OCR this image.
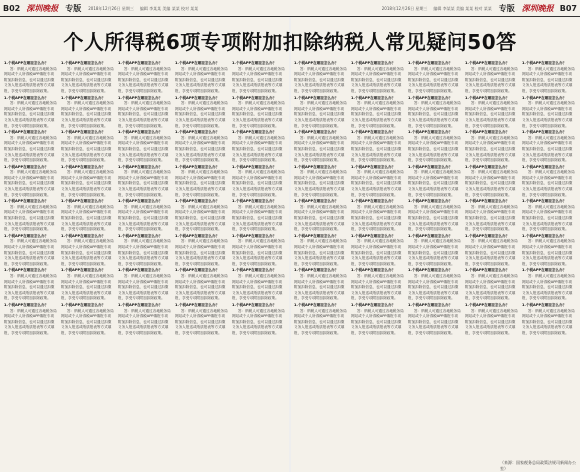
B02 深圳晚报 专版 2018年12月26日 星期三 编辑 李某某 美编 某某 校对 某某	2018年12月26日 星期三 编辑 李某某 美编 某某 校对 某某 专版 深圳晚报 B07
个人所得税6项专项附加扣除纳税人常见疑问50答
1.个税APP在哪里怎么办？

答：纳税人可通过各地税务局网站或个人所得税APP填报专项附加扣除信息，也可以通过扣缴义务人报送或纸质报表等方式填报，享受专项附加扣除政策。

1.个税APP在哪里怎么办？

答：纳税人可通过各地税务局网站或个人所得税APP填报专项附加扣除信息，也可以通过扣缴义务人报送或纸质报表等方式填报，享受专项附加扣除政策。

1.个税APP在哪里怎么办？

答：纳税人可通过各地税务局网站或个人所得税APP填报专项附加扣除信息，也可以通过扣缴义务人报送或纸质报表等方式填报，享受专项附加扣除政策。

1.个税APP在哪里怎么办？

答：纳税人可通过各地税务局网站或个人所得税APP填报专项附加扣除信息，也可以通过扣缴义务人报送或纸质报表等方式填报，享受专项附加扣除政策。

1.个税APP在哪里怎么办？

答：纳税人可通过各地税务局网站或个人所得税APP填报专项附加扣除信息，也可以通过扣缴义务人报送或纸质报表等方式填报，享受专项附加扣除政策。

1.个税APP在哪里怎么办？

答：纳税人可通过各地税务局网站或个人所得税APP填报专项附加扣除信息，也可以通过扣缴义务人报送或纸质报表等方式填报，享受专项附加扣除政策。

1.个税APP在哪里怎么办？

答：纳税人可通过各地税务局网站或个人所得税APP填报专项附加扣除信息，也可以通过扣缴义务人报送或纸质报表等方式填报，享受专项附加扣除政策。

1.个税APP在哪里怎么办？

答：纳税人可通过各地税务局网站或个人所得税APP填报专项附加扣除信息，也可以通过扣缴义务人报送或纸质报表等方式填报，享受专项附加扣除政策。

1.个税APP在哪里怎么办？

答：纳税人可通过各地税务局网站或个人所得税APP填报专项附加扣除信息，也可以通过扣缴义务人报送或纸质报表等方式填报，享受专项附加扣除政策。

1.个税APP在哪里怎么办？

答：纳税人可通过各地税务局网站或个人所得税APP填报专项附加扣除信息，也可以通过扣缴义务人报送或纸质报表等方式填报，享受专项附加扣除政策。

1.个税APP在哪里怎么办？

答：纳税人可通过各地税务局网站或个人所得税APP填报专项附加扣除信息，也可以通过扣缴义务人报送或纸质报表等方式填报，享受专项附加扣除政策。

1.个税APP在哪里怎么办？

答：纳税人可通过各地税务局网站或个人所得税APP填报专项附加扣除信息，也可以通过扣缴义务人报送或纸质报表等方式填报，享受专项附加扣除政策。

1.个税APP在哪里怎么办？

答：纳税人可通过各地税务局网站或个人所得税APP填报专项附加扣除信息，也可以通过扣缴义务人报送或纸质报表等方式填报，享受专项附加扣除政策。

1.个税APP在哪里怎么办？

答：纳税人可通过各地税务局网站或个人所得税APP填报专项附加扣除信息，也可以通过扣缴义务人报送或纸质报表等方式填报，享受专项附加扣除政策。

1.个税APP在哪里怎么办？

答：纳税人可通过各地税务局网站或个人所得税APP填报专项附加扣除信息，也可以通过扣缴义务人报送或纸质报表等方式填报，享受专项附加扣除政策。

1.个税APP在哪里怎么办？

答：纳税人可通过各地税务局网站或个人所得税APP填报专项附加扣除信息，也可以通过扣缴义务人报送或纸质报表等方式填报，享受专项附加扣除政策。

1.个税APP在哪里怎么办？

答：纳税人可通过各地税务局网站或个人所得税APP填报专项附加扣除信息，也可以通过扣缴义务人报送或纸质报表等方式填报，享受专项附加扣除政策。

1.个税APP在哪里怎么办？

答：纳税人可通过各地税务局网站或个人所得税APP填报专项附加扣除信息，也可以通过扣缴义务人报送或纸质报表等方式填报，享受专项附加扣除政策。

1.个税APP在哪里怎么办？

答：纳税人可通过各地税务局网站或个人所得税APP填报专项附加扣除信息，也可以通过扣缴义务人报送或纸质报表等方式填报，享受专项附加扣除政策。

1.个税APP在哪里怎么办？

答：纳税人可通过各地税务局网站或个人所得税APP填报专项附加扣除信息，也可以通过扣缴义务人报送或纸质报表等方式填报，享受专项附加扣除政策。

1.个税APP在哪里怎么办？

答：纳税人可通过各地税务局网站或个人所得税APP填报专项附加扣除信息，也可以通过扣缴义务人报送或纸质报表等方式填报，享受专项附加扣除政策。

1.个税APP在哪里怎么办？

答：纳税人可通过各地税务局网站或个人所得税APP填报专项附加扣除信息，也可以通过扣缴义务人报送或纸质报表等方式填报，享受专项附加扣除政策。

1.个税APP在哪里怎么办？

答：纳税人可通过各地税务局网站或个人所得税APP填报专项附加扣除信息，也可以通过扣缴义务人报送或纸质报表等方式填报，享受专项附加扣除政策。

1.个税APP在哪里怎么办？

答：纳税人可通过各地税务局网站或个人所得税APP填报专项附加扣除信息，也可以通过扣缴义务人报送或纸质报表等方式填报，享受专项附加扣除政策。

1.个税APP在哪里怎么办？

答：纳税人可通过各地税务局网站或个人所得税APP填报专项附加扣除信息，也可以通过扣缴义务人报送或纸质报表等方式填报，享受专项附加扣除政策。

1.个税APP在哪里怎么办？

答：纳税人可通过各地税务局网站或个人所得税APP填报专项附加扣除信息，也可以通过扣缴义务人报送或纸质报表等方式填报，享受专项附加扣除政策。

1.个税APP在哪里怎么办？

答：纳税人可通过各地税务局网站或个人所得税APP填报专项附加扣除信息，也可以通过扣缴义务人报送或纸质报表等方式填报，享受专项附加扣除政策。

1.个税APP在哪里怎么办？

答：纳税人可通过各地税务局网站或个人所得税APP填报专项附加扣除信息，也可以通过扣缴义务人报送或纸质报表等方式填报，享受专项附加扣除政策。

1.个税APP在哪里怎么办？

答：纳税人可通过各地税务局网站或个人所得税APP填报专项附加扣除信息，也可以通过扣缴义务人报送或纸质报表等方式填报，享受专项附加扣除政策。

1.个税APP在哪里怎么办？

答：纳税人可通过各地税务局网站或个人所得税APP填报专项附加扣除信息，也可以通过扣缴义务人报送或纸质报表等方式填报，享受专项附加扣除政策。

1.个税APP在哪里怎么办？

答：纳税人可通过各地税务局网站或个人所得税APP填报专项附加扣除信息，也可以通过扣缴义务人报送或纸质报表等方式填报，享受专项附加扣除政策。

1.个税APP在哪里怎么办？

答：纳税人可通过各地税务局网站或个人所得税APP填报专项附加扣除信息，也可以通过扣缴义务人报送或纸质报表等方式填报，享受专项附加扣除政策。

1.个税APP在哪里怎么办？

答：纳税人可通过各地税务局网站或个人所得税APP填报专项附加扣除信息，也可以通过扣缴义务人报送或纸质报表等方式填报，享受专项附加扣除政策。

1.个税APP在哪里怎么办？

答：纳税人可通过各地税务局网站或个人所得税APP填报专项附加扣除信息，也可以通过扣缴义务人报送或纸质报表等方式填报，享受专项附加扣除政策。

1.个税APP在哪里怎么办？

答：纳税人可通过各地税务局网站或个人所得税APP填报专项附加扣除信息，也可以通过扣缴义务人报送或纸质报表等方式填报，享受专项附加扣除政策。

1.个税APP在哪里怎么办？

答：纳税人可通过各地税务局网站或个人所得税APP填报专项附加扣除信息，也可以通过扣缴义务人报送或纸质报表等方式填报，享受专项附加扣除政策。

1.个税APP在哪里怎么办？

答：纳税人可通过各地税务局网站或个人所得税APP填报专项附加扣除信息，也可以通过扣缴义务人报送或纸质报表等方式填报，享受专项附加扣除政策。

1.个税APP在哪里怎么办？

答：纳税人可通过各地税务局网站或个人所得税APP填报专项附加扣除信息，也可以通过扣缴义务人报送或纸质报表等方式填报，享受专项附加扣除政策。

1.个税APP在哪里怎么办？

答：纳税人可通过各地税务局网站或个人所得税APP填报专项附加扣除信息，也可以通过扣缴义务人报送或纸质报表等方式填报，享受专项附加扣除政策。

1.个税APP在哪里怎么办？

答：纳税人可通过各地税务局网站或个人所得税APP填报专项附加扣除信息，也可以通过扣缴义务人报送或纸质报表等方式填报，享受专项附加扣除政策。

1.个税APP在哪里怎么办？

答：纳税人可通过各地税务局网站或个人所得税APP填报专项附加扣除信息，也可以通过扣缴义务人报送或纸质报表等方式填报，享受专项附加扣除政策。

1.个税APP在哪里怎么办？

答：纳税人可通过各地税务局网站或个人所得税APP填报专项附加扣除信息，也可以通过扣缴义务人报送或纸质报表等方式填报，享受专项附加扣除政策。

1.个税APP在哪里怎么办？

答：纳税人可通过各地税务局网站或个人所得税APP填报专项附加扣除信息，也可以通过扣缴义务人报送或纸质报表等方式填报，享受专项附加扣除政策。

1.个税APP在哪里怎么办？

答：纳税人可通过各地税务局网站或个人所得税APP填报专项附加扣除信息，也可以通过扣缴义务人报送或纸质报表等方式填报，享受专项附加扣除政策。

1.个税APP在哪里怎么办？

答：纳税人可通过各地税务局网站或个人所得税APP填报专项附加扣除信息，也可以通过扣缴义务人报送或纸质报表等方式填报，享受专项附加扣除政策。

1.个税APP在哪里怎么办？

答：纳税人可通过各地税务局网站或个人所得税APP填报专项附加扣除信息，也可以通过扣缴义务人报送或纸质报表等方式填报，享受专项附加扣除政策。

1.个税APP在哪里怎么办？

答：纳税人可通过各地税务局网站或个人所得税APP填报专项附加扣除信息，也可以通过扣缴义务人报送或纸质报表等方式填报，享受专项附加扣除政策。

1.个税APP在哪里怎么办？

答：纳税人可通过各地税务局网站或个人所得税APP填报专项附加扣除信息，也可以通过扣缴义务人报送或纸质报表等方式填报，享受专项附加扣除政策。

1.个税APP在哪里怎么办？

答：纳税人可通过各地税务局网站或个人所得税APP填报专项附加扣除信息，也可以通过扣缴义务人报送或纸质报表等方式填报，享受专项附加扣除政策。

1.个税APP在哪里怎么办？

答：纳税人可通过各地税务局网站或个人所得税APP填报专项附加扣除信息，也可以通过扣缴义务人报送或纸质报表等方式填报，享受专项附加扣除政策。

1.个税APP在哪里怎么办？

答：纳税人可通过各地税务局网站或个人所得税APP填报专项附加扣除信息，也可以通过扣缴义务人报送或纸质报表等方式填报，享受专项附加扣除政策。

1.个税APP在哪里怎么办？

答：纳税人可通过各地税务局网站或个人所得税APP填报专项附加扣除信息，也可以通过扣缴义务人报送或纸质报表等方式填报，享受专项附加扣除政策。

1.个税APP在哪里怎么办？

答：纳税人可通过各地税务局网站或个人所得税APP填报专项附加扣除信息，也可以通过扣缴义务人报送或纸质报表等方式填报，享受专项附加扣除政策。

1.个税APP在哪里怎么办？

答：纳税人可通过各地税务局网站或个人所得税APP填报专项附加扣除信息，也可以通过扣缴义务人报送或纸质报表等方式填报，享受专项附加扣除政策。

1.个税APP在哪里怎么办？

答：纳税人可通过各地税务局网站或个人所得税APP填报专项附加扣除信息，也可以通过扣缴义务人报送或纸质报表等方式填报，享受专项附加扣除政策。

1.个税APP在哪里怎么办？

答：纳税人可通过各地税务局网站或个人所得税APP填报专项附加扣除信息，也可以通过扣缴义务人报送或纸质报表等方式填报，享受专项附加扣除政策。

1.个税APP在哪里怎么办？

答：纳税人可通过各地税务局网站或个人所得税APP填报专项附加扣除信息，也可以通过扣缴义务人报送或纸质报表等方式填报，享受专项附加扣除政策。

1.个税APP在哪里怎么办？

答：纳税人可通过各地税务局网站或个人所得税APP填报专项附加扣除信息，也可以通过扣缴义务人报送或纸质报表等方式填报，享受专项附加扣除政策。

1.个税APP在哪里怎么办？

答：纳税人可通过各地税务局网站或个人所得税APP填报专项附加扣除信息，也可以通过扣缴义务人报送或纸质报表等方式填报，享受专项附加扣除政策。

1.个税APP在哪里怎么办？

答：纳税人可通过各地税务局网站或个人所得税APP填报专项附加扣除信息，也可以通过扣缴义务人报送或纸质报表等方式填报，享受专项附加扣除政策。

1.个税APP在哪里怎么办？

答：纳税人可通过各地税务局网站或个人所得税APP填报专项附加扣除信息，也可以通过扣缴义务人报送或纸质报表等方式填报，享受专项附加扣除政策。

1.个税APP在哪里怎么办？

答：纳税人可通过各地税务局网站或个人所得税APP填报专项附加扣除信息，也可以通过扣缴义务人报送或纸质报表等方式填报，享受专项附加扣除政策。

1.个税APP在哪里怎么办？

答：纳税人可通过各地税务局网站或个人所得税APP填报专项附加扣除信息，也可以通过扣缴义务人报送或纸质报表等方式填报，享受专项附加扣除政策。

1.个税APP在哪里怎么办？

答：纳税人可通过各地税务局网站或个人所得税APP填报专项附加扣除信息，也可以通过扣缴义务人报送或纸质报表等方式填报，享受专项附加扣除政策。

1.个税APP在哪里怎么办？

答：纳税人可通过各地税务局网站或个人所得税APP填报专项附加扣除信息，也可以通过扣缴义务人报送或纸质报表等方式填报，享受专项附加扣除政策。

1.个税APP在哪里怎么办？

答：纳税人可通过各地税务局网站或个人所得税APP填报专项附加扣除信息，也可以通过扣缴义务人报送或纸质报表等方式填报，享受专项附加扣除政策。

1.个税APP在哪里怎么办？

答：纳税人可通过各地税务局网站或个人所得税APP填报专项附加扣除信息，也可以通过扣缴义务人报送或纸质报表等方式填报，享受专项附加扣除政策。

1.个税APP在哪里怎么办？

答：纳税人可通过各地税务局网站或个人所得税APP填报专项附加扣除信息，也可以通过扣缴义务人报送或纸质报表等方式填报，享受专项附加扣除政策。

1.个税APP在哪里怎么办？

答：纳税人可通过各地税务局网站或个人所得税APP填报专项附加扣除信息，也可以通过扣缴义务人报送或纸质报表等方式填报，享受专项附加扣除政策。

1.个税APP在哪里怎么办？

答：纳税人可通过各地税务局网站或个人所得税APP填报专项附加扣除信息，也可以通过扣缴义务人报送或纸质报表等方式填报，享受专项附加扣除政策。

1.个税APP在哪里怎么办？

答：纳税人可通过各地税务局网站或个人所得税APP填报专项附加扣除信息，也可以通过扣缴义务人报送或纸质报表等方式填报，享受专项附加扣除政策。

1.个税APP在哪里怎么办？

答：纳税人可通过各地税务局网站或个人所得税APP填报专项附加扣除信息，也可以通过扣缴义务人报送或纸质报表等方式填报，享受专项附加扣除政策。

1.个税APP在哪里怎么办？

答：纳税人可通过各地税务局网站或个人所得税APP填报专项附加扣除信息，也可以通过扣缴义务人报送或纸质报表等方式填报，享受专项附加扣除政策。

1.个税APP在哪里怎么办？

答：纳税人可通过各地税务局网站或个人所得税APP填报专项附加扣除信息，也可以通过扣缴义务人报送或纸质报表等方式填报，享受专项附加扣除政策。

1.个税APP在哪里怎么办？

答：纳税人可通过各地税务局网站或个人所得税APP填报专项附加扣除信息，也可以通过扣缴义务人报送或纸质报表等方式填报，享受专项附加扣除政策。

1.个税APP在哪里怎么办？

答：纳税人可通过各地税务局网站或个人所得税APP填报专项附加扣除信息，也可以通过扣缴义务人报送或纸质报表等方式填报，享受专项附加扣除政策。

1.个税APP在哪里怎么办？

答：纳税人可通过各地税务局网站或个人所得税APP填报专项附加扣除信息，也可以通过扣缴义务人报送或纸质报表等方式填报，享受专项附加扣除政策。

1.个税APP在哪里怎么办？

答：纳税人可通过各地税务局网站或个人所得税APP填报专项附加扣除信息，也可以通过扣缴义务人报送或纸质报表等方式填报，享受专项附加扣除政策。

1.个税APP在哪里怎么办？

答：纳税人可通过各地税务局网站或个人所得税APP填报专项附加扣除信息，也可以通过扣缴义务人报送或纸质报表等方式填报，享受专项附加扣除政策。

1.个税APP在哪里怎么办？

答：纳税人可通过各地税务局网站或个人所得税APP填报专项附加扣除信息，也可以通过扣缴义务人报送或纸质报表等方式填报，享受专项附加扣除政策。

（来源：国家税务总局政策法规司新闻办公室）
